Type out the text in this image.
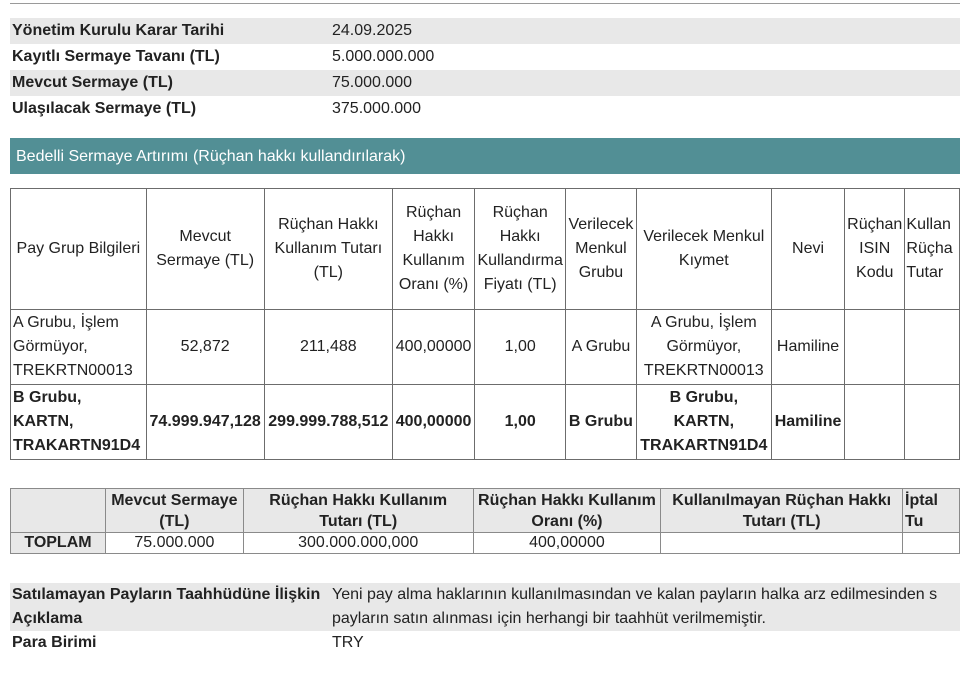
Yönetim Kurulu Karar Tarihi	24.09.2025
Kayıtlı Sermaye Tavanı (TL)	5.000.000.000
Mevcut Sermaye (TL)	75.000.000
Ulaşılacak Sermaye (TL)	375.000.000
Bedelli Sermaye Artırımı (Rüçhan hakkı kullandırılarak)
Pay Grup Bilgileri	Mevcut Sermaye (TL)	Rüçhan Hakkı Kullanım Tutarı (TL)	Rüçhan Hakkı Kullanım Oranı (%)	Rüçhan Hakkı Kullandırma Fiyatı (TL)	Verilecek Menkul Grubu	Verilecek Menkul Kıymet	Nevi	Rüçhan ISIN Kodu	Kullan Rüçha Tutar
A Grubu, İşlem Görmüyor, TREKRTN00013	52,872	211,488	400,00000	1,00	A Grubu	A Grubu, İşlem Görmüyor, TREKRTN00013	Hamiline		
B Grubu, KARTN, TRAKARTN91D4	74.999.947,128	299.999.788,512	400,00000	1,00	B Grubu	B Grubu, KARTN, TRAKARTN91D4	Hamiline		
	Mevcut Sermaye (TL)	Rüçhan Hakkı Kullanım Tutarı (TL)	Rüçhan Hakkı Kullanım Oranı (%)	Kullanılmayan Rüçhan Hakkı Tutarı (TL)	İptal Tu
TOPLAM	75.000.000	300.000.000,000	400,00000		
Satılamayan Payların Taahhüdüne İlişkin Açıklama	Yeni pay alma haklarının kullanılmasından ve kalan payların halka arz edilmesinden s
payların satın alınması için herhangi bir taahhüt verilmemiştir.

Para Birimi	TRY
